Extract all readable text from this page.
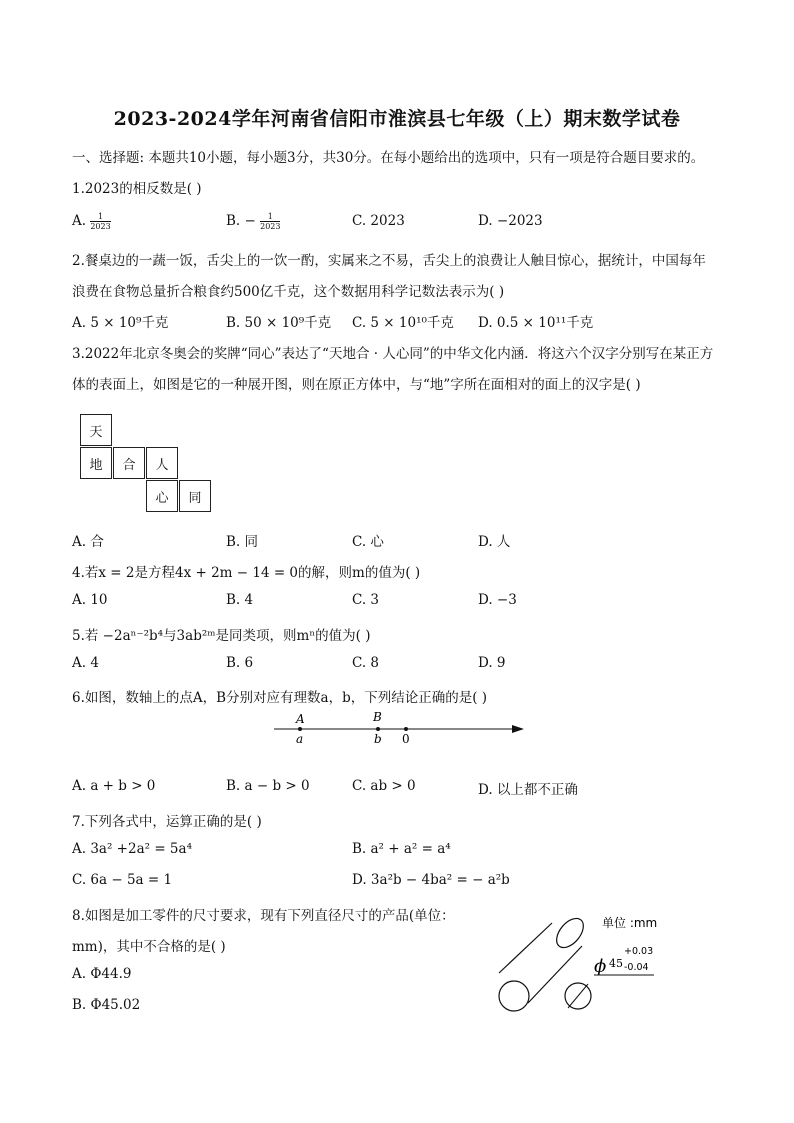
2023-2024学年河南省信阳市淮滨县七年级（上）期末数学试卷
一、选择题: 本题共10小题，每小题3分，共30分。在每小题给出的选项中，只有一项是符合题目要求的。
1.2023的相反数是( )
A. $\frac{1}{2023}$	B. − $\frac{1}{2023}$	C. 2023	D. −2023
2.餐桌边的一蔬一饭，舌尖上的一饮一酌，实属来之不易，舌尖上的浪费让人触目惊心，据统计，中国每年
浪费在食物总量折合粮食约500亿千克，这个数据用科学记数法表示为( )
A. 5 × 10⁹千克	B. 50 × 10⁹千克 C. 5 × 10¹⁰千克 D. 0.5 × 10¹¹千克
3.2022年北京冬奥会的奖牌“同心”表达了“天地合 · 人心同”的中华文化内涵．将这六个汉字分别写在某正方
体的表面上，如图是它的一种展开图，则在原正方体中，与“地”字所在面相对的面上的汉字是( )
天
地	合	人
心	同
A. 合	B. 同	C. 心	D. 人
4.若x = 2是方程4x + 2m − 14 = 0的解，则m的值为( )
A. 10	B. 4	C. 3	D. −3
5.若 −2aⁿ⁻²b⁴与3ab²ᵐ是同类项，则mⁿ的值为( )
A. 4	B. 6	C. 8	D. 9
6.如图，数轴上的点A，B分别对应有理数a，b，下列结论正确的是( )
A
a
B
b 0
A. a + b > 0	B. a − b > 0	C. ab > 0	D. 以上都不正确
7.下列各式中，运算正确的是( )
A. 3a² +2a² = 5a⁴	B. a² + a² = a⁴
C. 6a − 5a = 1	D. 3a²b − 4ba² = − a²b
8.如图是加工零件的尺寸要求，现有下列直径尺寸的产品(单位：
mm)，其中不合格的是( )
A. Φ44.9
B. Φ45.02
单位 :mm
ϕ 45
+0.03
-0.04
